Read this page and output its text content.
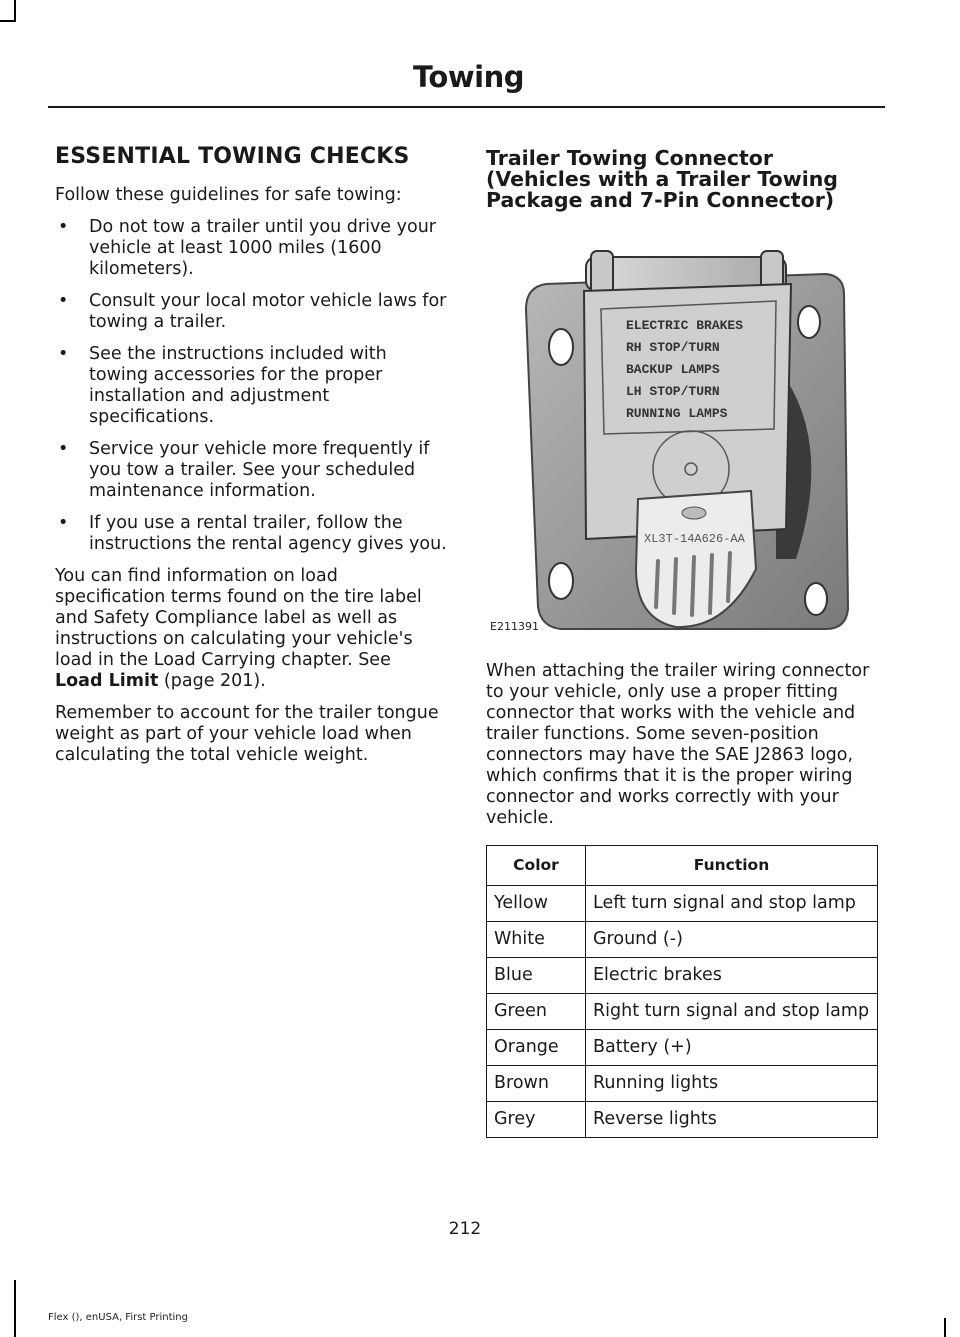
Towing
ESSENTIAL TOWING CHECKS

Follow these guidelines for safe towing:

• Do not tow a trailer until you drive your vehicle at least 1000 miles (1600 kilometers).
• Consult your local motor vehicle laws for towing a trailer.
• See the instructions included with towing accessories for the proper installation and adjustment specifications.
• Service your vehicle more frequently if you tow a trailer. See your scheduled maintenance information.
• If you use a rental trailer, follow the instructions the rental agency gives you.

You can find information on load specification terms found on the tire label and Safety Compliance label as well as instructions on calculating your vehicle's load in the Load Carrying chapter. See
Load Limit (page 201).

Remember to account for the trailer tongue weight as part of your vehicle load when calculating the total vehicle weight.

Trailer Towing Connector (Vehicles with a Trailer Towing Package and 7-Pin Connector)
ELECTRIC BRAKES
RH STOP/TURN
BACKUP LAMPS
LH STOP/TURN
RUNNING LAMPS
XL3T-14A626-AA
E211391

When attaching the trailer wiring connector to your vehicle, only use a proper fitting connector that works with the vehicle and trailer functions. Some seven-position connectors may have the SAE J2863 logo, which confirms that it is the proper wiring connector and works correctly with your vehicle.

Color	Function
Yellow	Left turn signal and stop lamp
White	Ground (-)
Blue	Electric brakes
Green	Right turn signal and stop lamp
Orange	Battery (+)
Brown	Running lights
Grey	Reverse lights
212
Flex (), enUSA, First Printing
